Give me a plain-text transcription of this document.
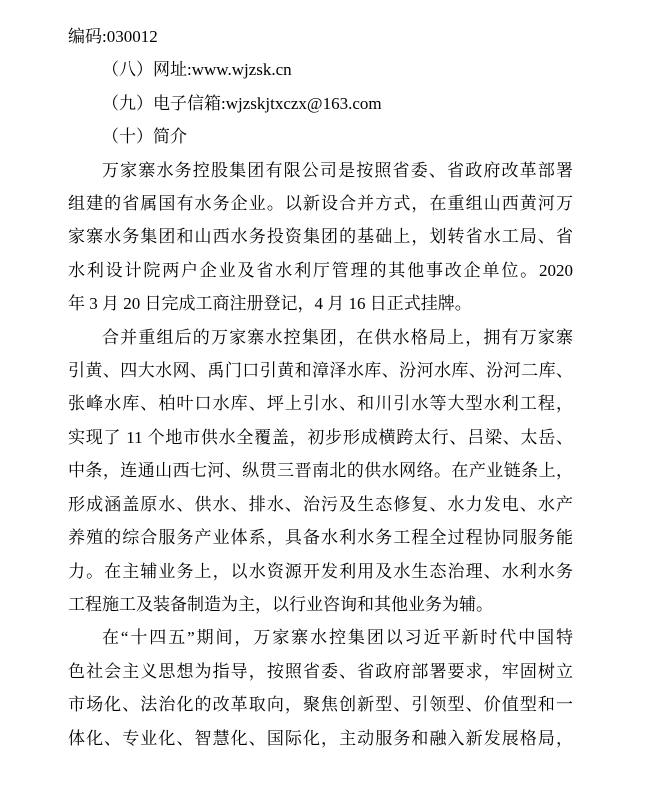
编码:030012
（八）网址:www.wjzsk.cn
（九）电子信箱:wjzskjtxczx@163.com
（十）简介
万家寨水务控股集团有限公司是按照省委、省政府改革部署
组建的省属国有水务企业。以新设合并方式，在重组山西黄河万
家寨水务集团和山西水务投资集团的基础上，划转省水工局、省
水利设计院两户企业及省水利厅管理的其他事改企单位。2020
年 3 月 20 日完成工商注册登记，4 月 16 日正式挂牌。
合并重组后的万家寨水控集团，在供水格局上，拥有万家寨
引黄、四大水网、禹门口引黄和漳泽水库、汾河水库、汾河二库、
张峰水库、柏叶口水库、坪上引水、和川引水等大型水利工程，
实现了 11 个地市供水全覆盖，初步形成横跨太行、吕梁、太岳、
中条，连通山西七河、纵贯三晋南北的供水网络。在产业链条上，
形成涵盖原水、供水、排水、治污及生态修复、水力发电、水产
养殖的综合服务产业体系，具备水利水务工程全过程协同服务能
力。在主辅业务上，以水资源开发利用及水生态治理、水利水务
工程施工及装备制造为主，以行业咨询和其他业务为辅。
在“十四五”期间，万家寨水控集团以习近平新时代中国特
色社会主义思想为指导，按照省委、省政府部署要求，牢固树立
市场化、法治化的改革取向，聚焦创新型、引领型、价值型和一
体化、专业化、智慧化、国际化，主动服务和融入新发展格局，
